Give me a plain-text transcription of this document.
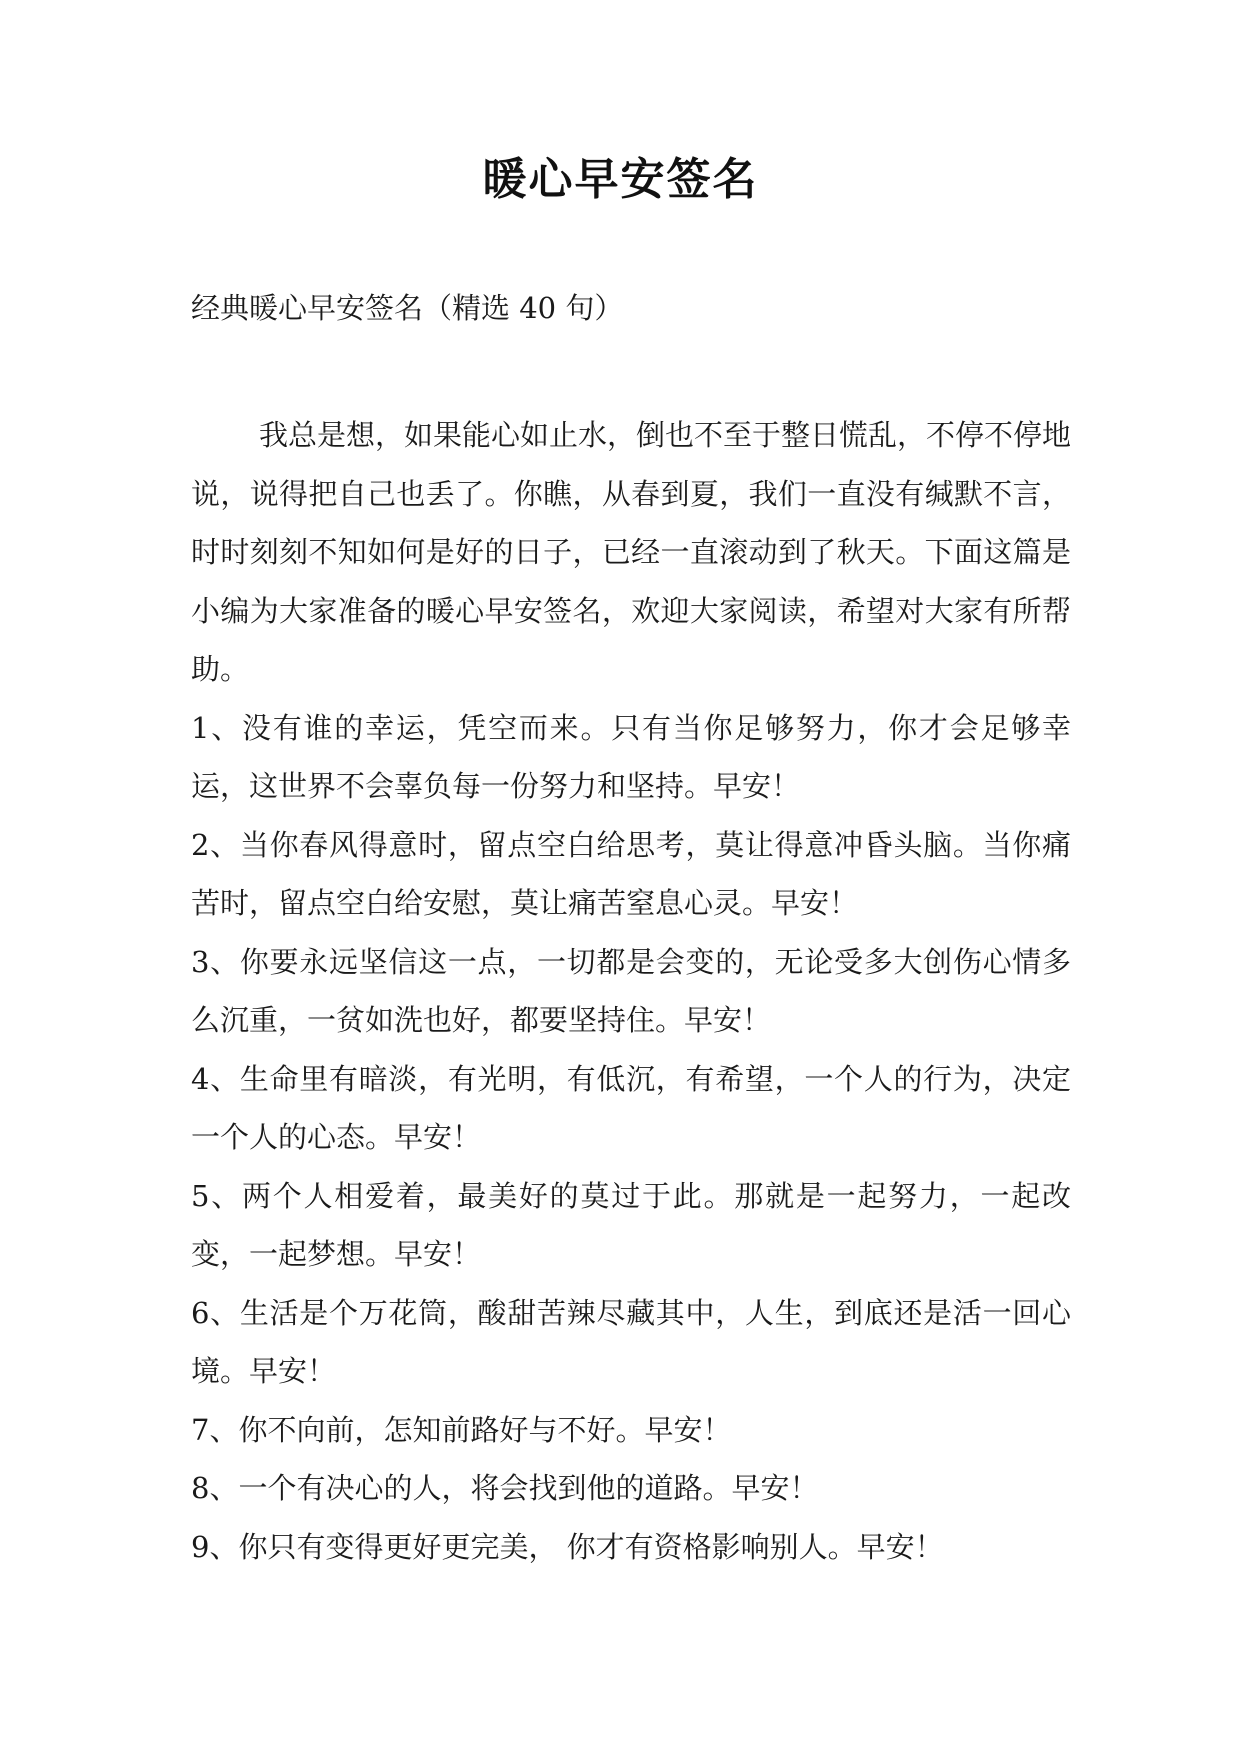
暖心早安签名
经典暖心早安签名（精选 40 句）

我总是想，如果能心如止水，倒也不至于整日慌乱，不停不停地说，说得把自己也丢了。你瞧，从春到夏，我们一直没有缄默不言，时时刻刻不知如何是好的日子，已经一直滚动到了秋天。下面这篇是小编为大家准备的暖心早安签名，欢迎大家阅读，希望对大家有所帮助。

1、没有谁的幸运，凭空而来。只有当你足够努力，你才会足够幸运，这世界不会辜负每一份努力和坚持。早安！

2、当你春风得意时，留点空白给思考，莫让得意冲昏头脑。当你痛苦时，留点空白给安慰，莫让痛苦窒息心灵。早安！

3、你要永远坚信这一点，一切都是会变的，无论受多大创伤心情多么沉重，一贫如洗也好，都要坚持住。早安！

4、生命里有暗淡，有光明，有低沉，有希望，一个人的行为，决定一个人的心态。早安！

5、两个人相爱着，最美好的莫过于此。那就是一起努力，一起改变，一起梦想。早安！

6、生活是个万花筒，酸甜苦辣尽藏其中，人生，到底还是活一回心境。早安！

7、你不向前，怎知前路好与不好。早安！

8、一个有决心的人，将会找到他的道路。早安！

9、你只有变得更好更完美， 你才有资格影响别人。早安！
